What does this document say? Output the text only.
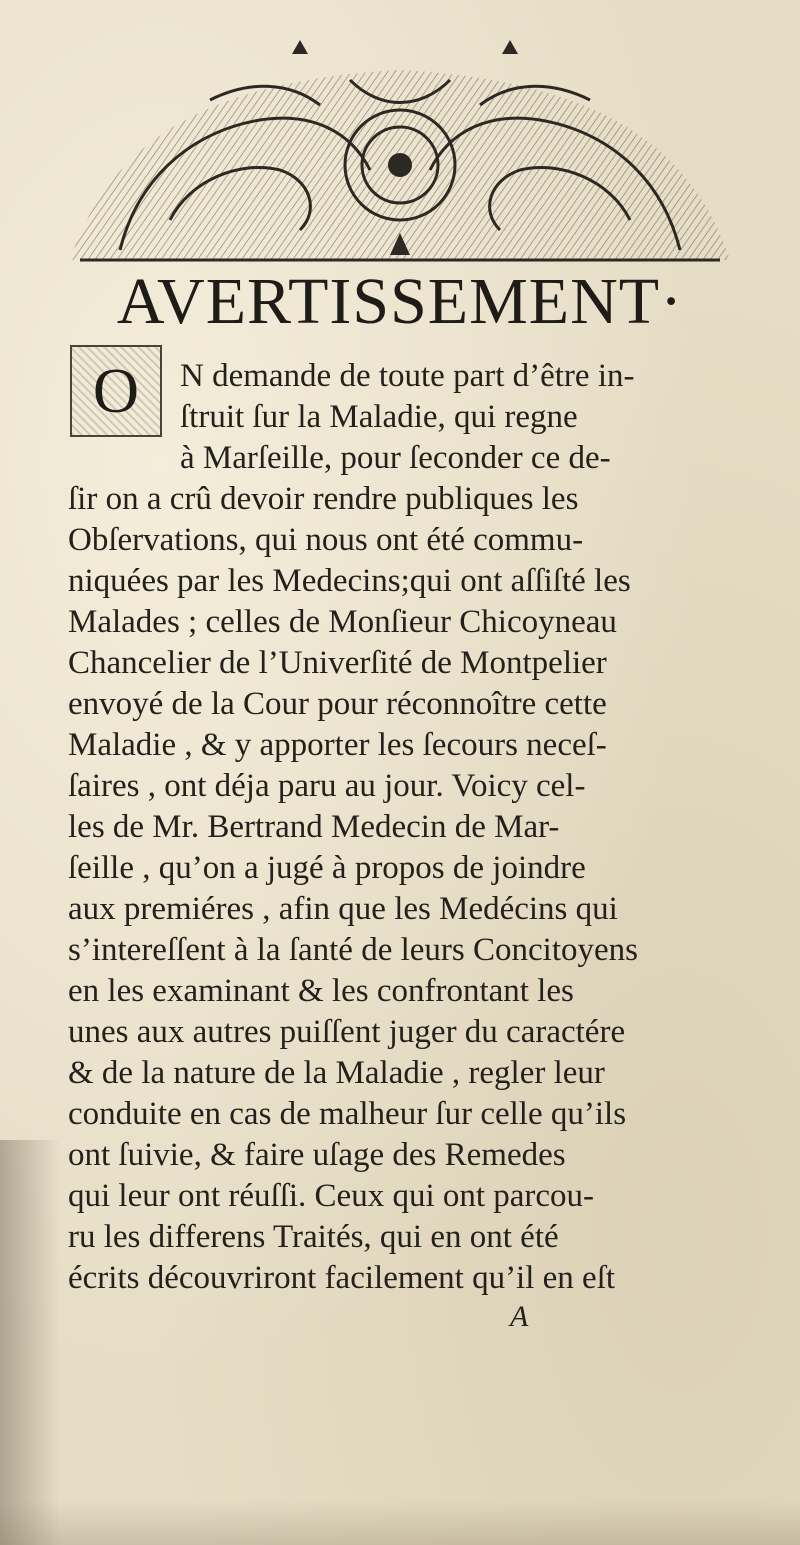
AVERTISSEMENT·
O	N demande de toute part d’être in-
ſtruit ſur la Maladie, qui regne
à Marſeille, pour ſeconder ce de-
ſir on a crû devoir rendre publiques les
Obſervations, qui nous ont été commu-
niquées par les Medecins;qui ont aſſiſté les
Malades ; celles de Monſieur Chicoyneau
Chancelier de l’Univerſité de Montpelier
envoyé de la Cour pour réconnoître cette
Maladie , & y apporter les ſecours neceſ-
ſaires , ont déja paru au jour. Voicy cel-
les de Mr. Bertrand Medecin de Mar-
ſeille , qu’on a jugé à propos de joindre
aux premiéres , afin que les Medécins qui
s’intereſſent à la ſanté de leurs Concitoyens
en les examinant & les confrontant les
unes aux autres puiſſent juger du caractére
& de la nature de la Maladie , regler leur
conduite en cas de malheur ſur celle qu’ils
ont ſuivie, & faire uſage des Remedes
qui leur ont réuſſi. Ceux qui ont parcou-
ru les differens Traités, qui en ont été
écrits découvriront facilement qu’il en eſt
A
